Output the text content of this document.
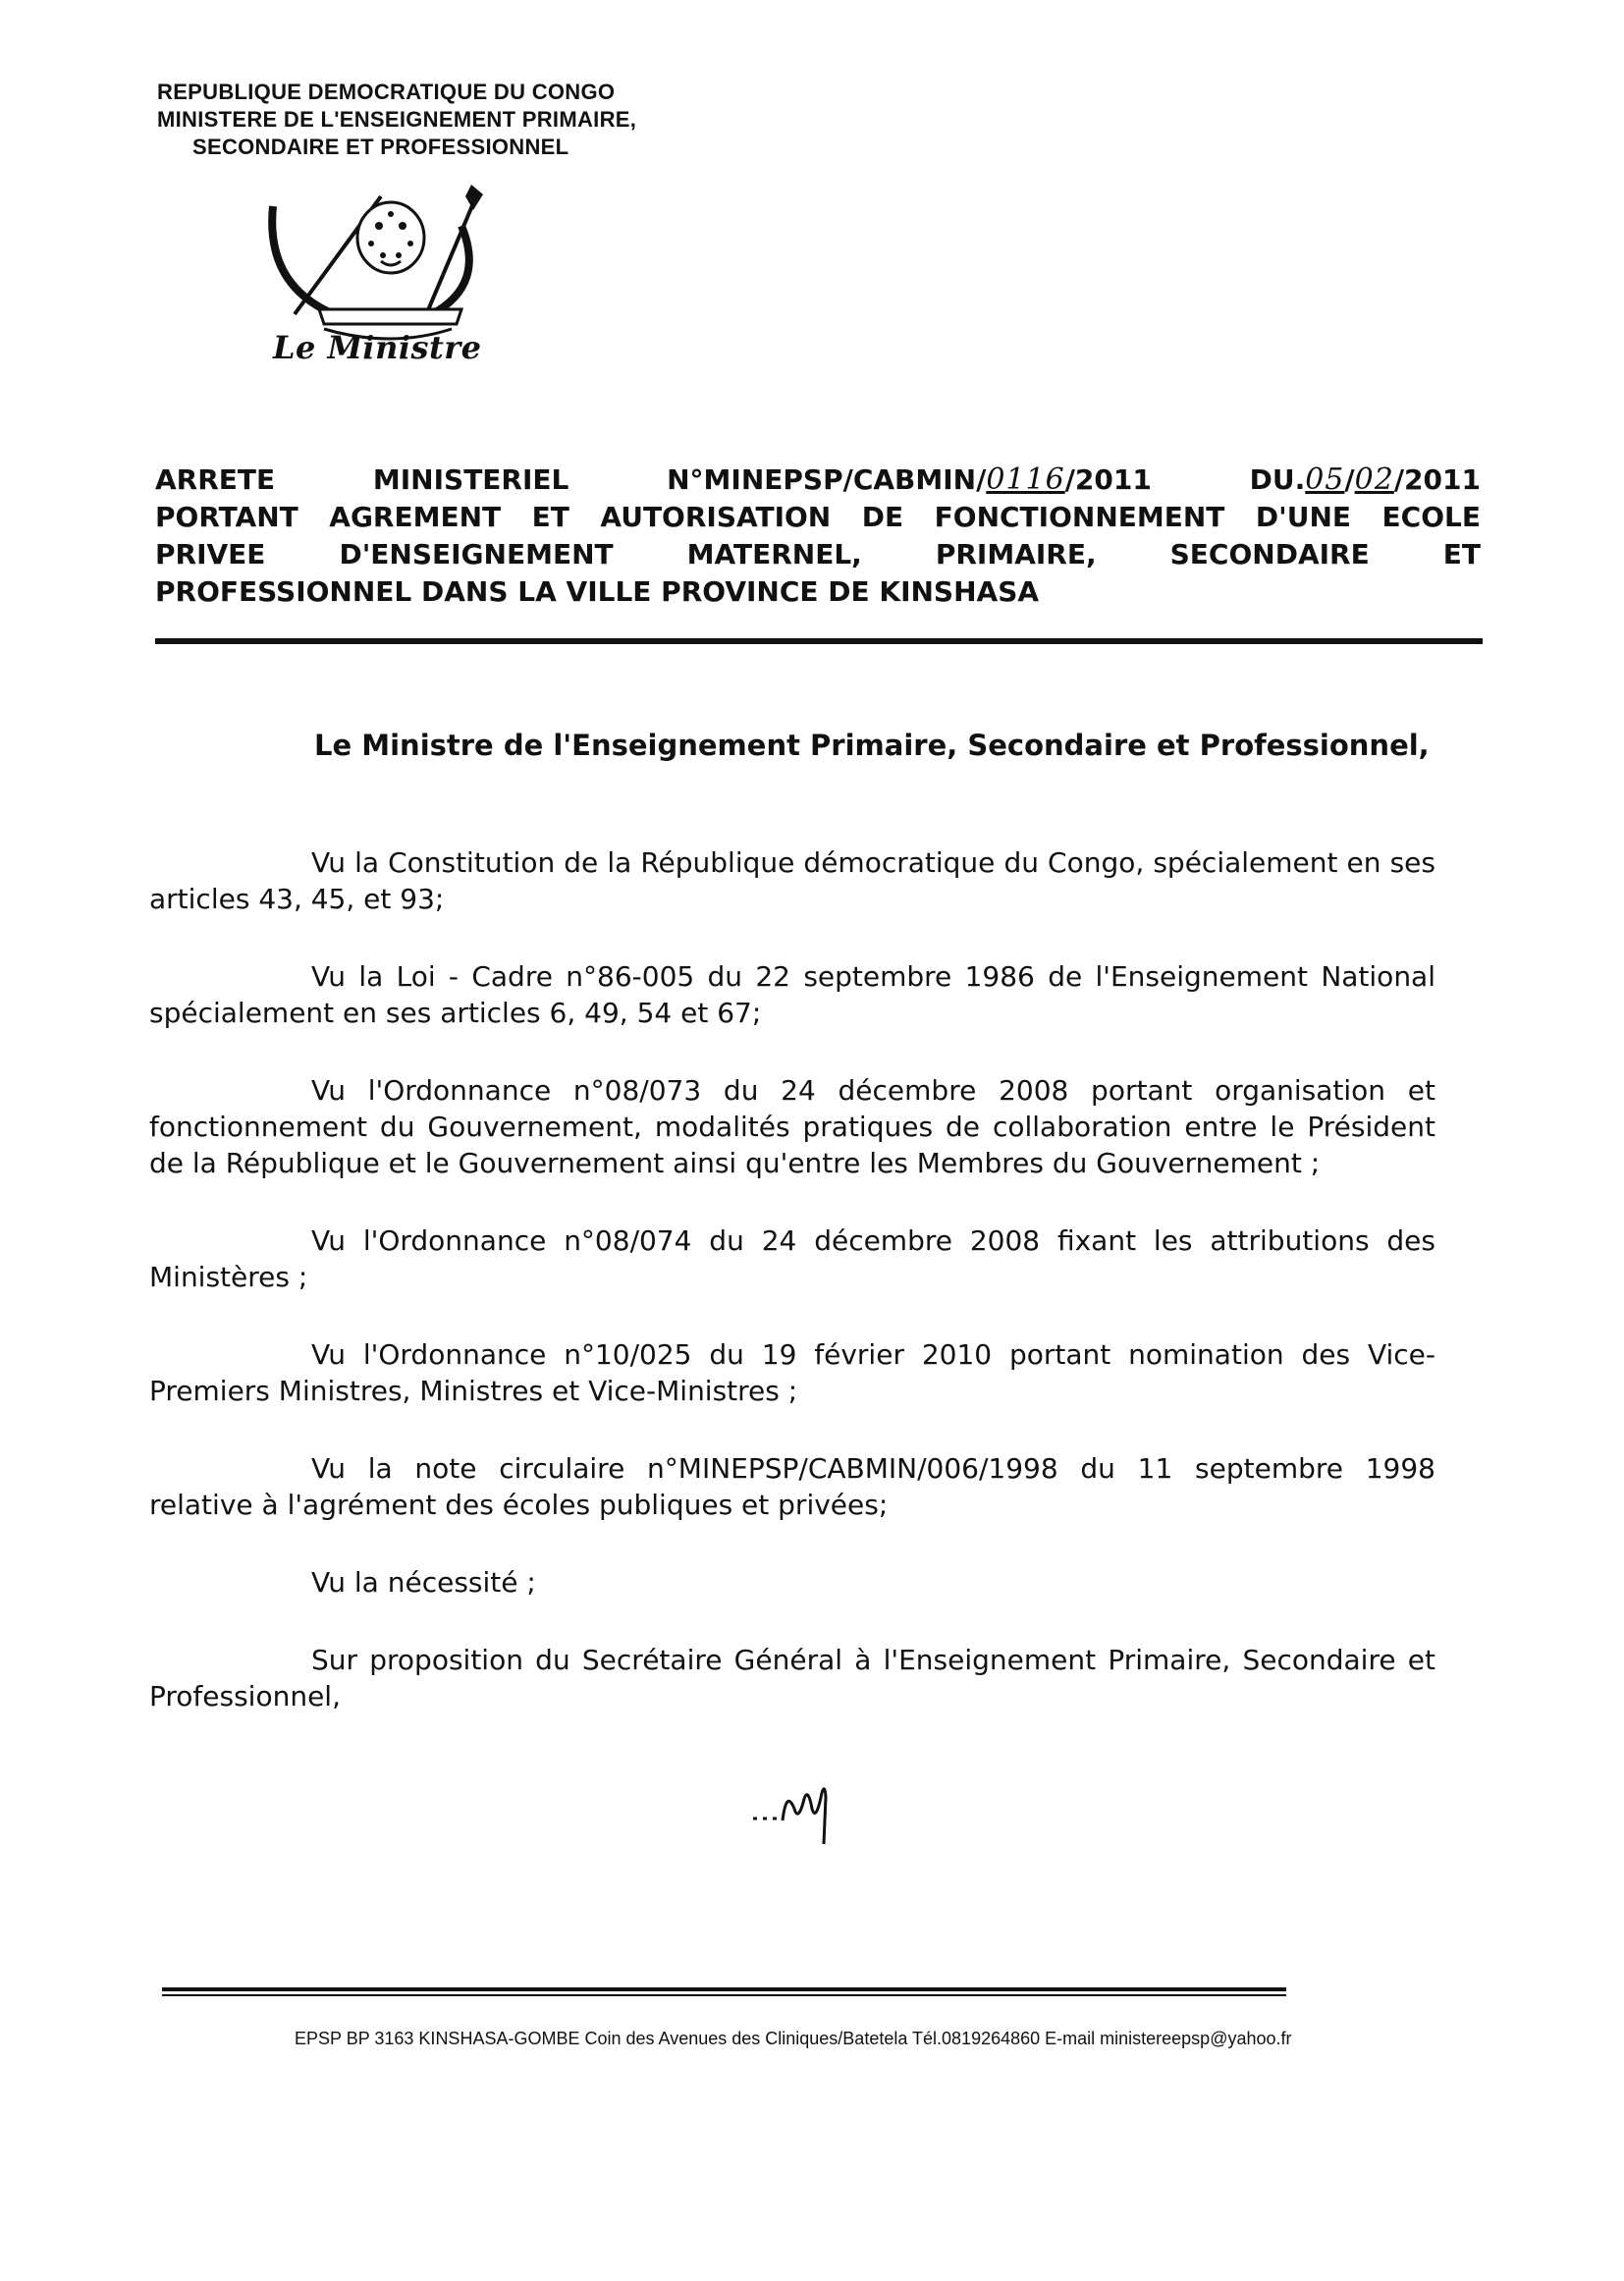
REPUBLIQUE DEMOCRATIQUE DU CONGO
MINISTERE DE L'ENSEIGNEMENT PRIMAIRE,
SECONDAIRE ET PROFESSIONNEL
Le Ministre
ARRETE	MINISTERIEL	N°MINEPSP/CABMIN/0116/2011	DU.05/02/2011
PORTANT AGREMENT ET AUTORISATION DE FONCTIONNEMENT D'UNE ECOLE
PRIVEE	D'ENSEIGNEMENT	MATERNEL,	PRIMAIRE,	SECONDAIRE	ET
PROFESSIONNEL DANS LA VILLE PROVINCE DE KINSHASA
Le Ministre de l'Enseignement Primaire, Secondaire et Professionnel,

Vu la Constitution de la République démocratique du Congo, spécialement en ses articles 43, 45, et 93;

Vu la Loi - Cadre n°86-005 du 22 septembre 1986 de l'Enseignement National spécialement en ses articles 6, 49, 54 et 67;

Vu l'Ordonnance n°08/073 du 24 décembre 2008 portant organisation et fonctionnement du Gouvernement, modalités pratiques de collaboration entre le Président de la République et le Gouvernement ainsi qu'entre les Membres du Gouvernement ;

Vu l'Ordonnance n°08/074 du 24 décembre 2008 fixant les attributions des Ministères ;

Vu l'Ordonnance n°10/025 du 19 février 2010 portant nomination des Vice-Premiers Ministres, Ministres et Vice-Ministres ;

Vu la note circulaire n°MINEPSP/CABMIN/006/1998 du 11 septembre 1998 relative à l'agrément des écoles publiques et privées;

Vu la nécessité ;

Sur proposition du Secrétaire Général à l'Enseignement Primaire, Secondaire et Professionnel,

EPSP BP 3163 KINSHASA-GOMBE Coin des Avenues des Cliniques/Batetela Tél.0819264860 E-mail ministereepsp@yahoo.fr
